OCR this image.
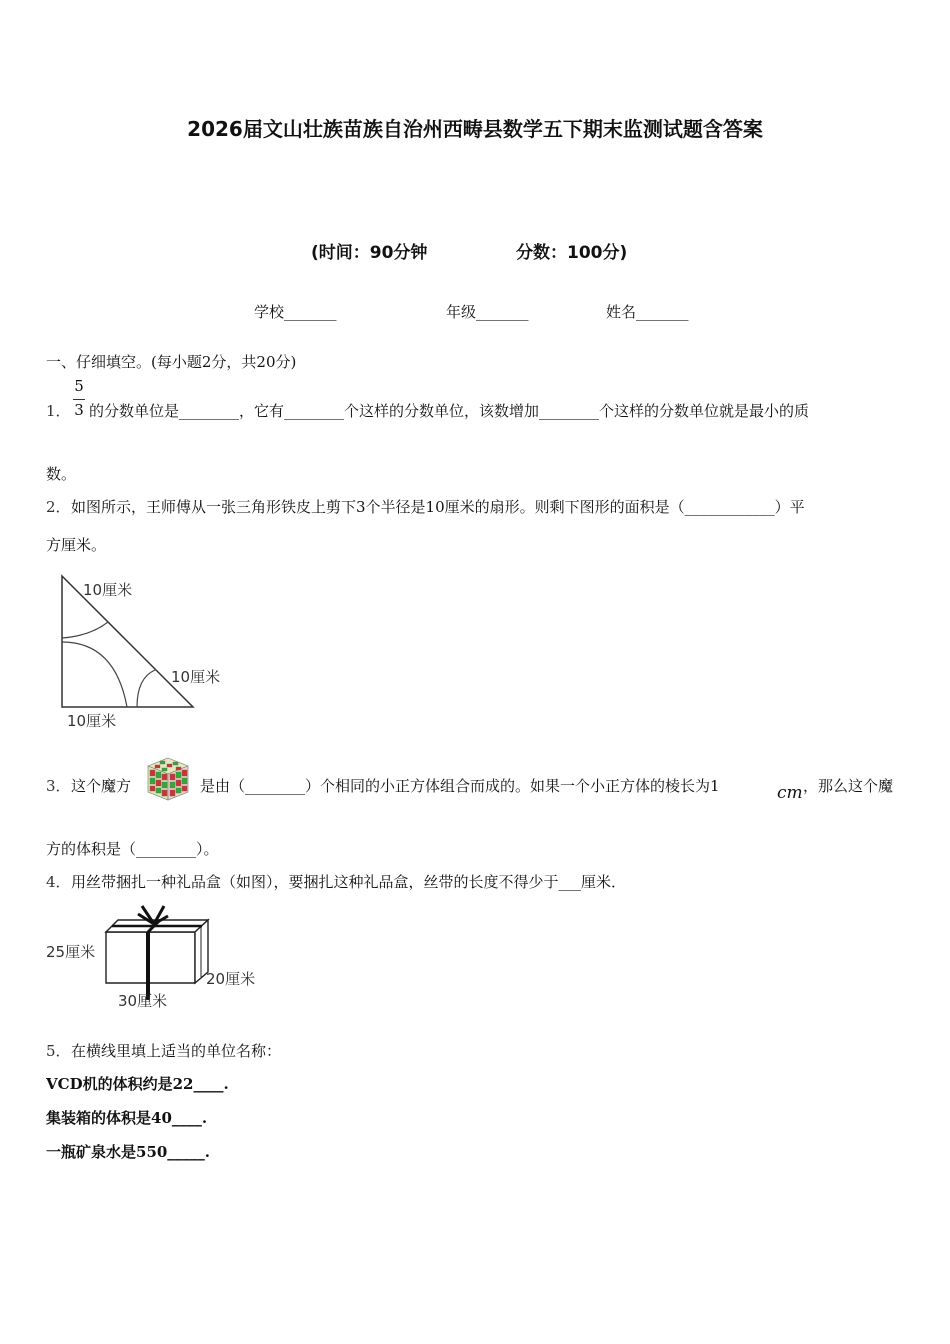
2026届文山壮族苗族自治州西畴县数学五下期末监测试题含答案
(时间：90分钟	分数：100分)
学校_______	年级_______	姓名_______
一、仔细填空。(每小题2分，共20分)
1．
5
3 的分数单位是________，它有________个这样的分数单位，该数增加________个这样的分数单位就是最小的质
数。
2． 如图所示，王师傅从一张三角形铁皮上剪下3个半径是10厘米的扇形。则剩下图形的面积是（____________）平
方厘米。
10厘米
10厘米
10厘米
3． 这个魔方	是由（________）个相同的小正方体组合而成的。如果一个小正方体的棱长为1	cm ，那么这个魔
方的体积是（________）。
4． 用丝带捆扎一种礼品盒（如图），要捆扎这种礼品盒，丝带的长度不得少于___厘米．
25厘米
20厘米
30厘米
5． 在横线里填上适当的单位名称：
VCD机的体积约是22____.
集装箱的体积是40____.
一瓶矿泉水是550_____.
